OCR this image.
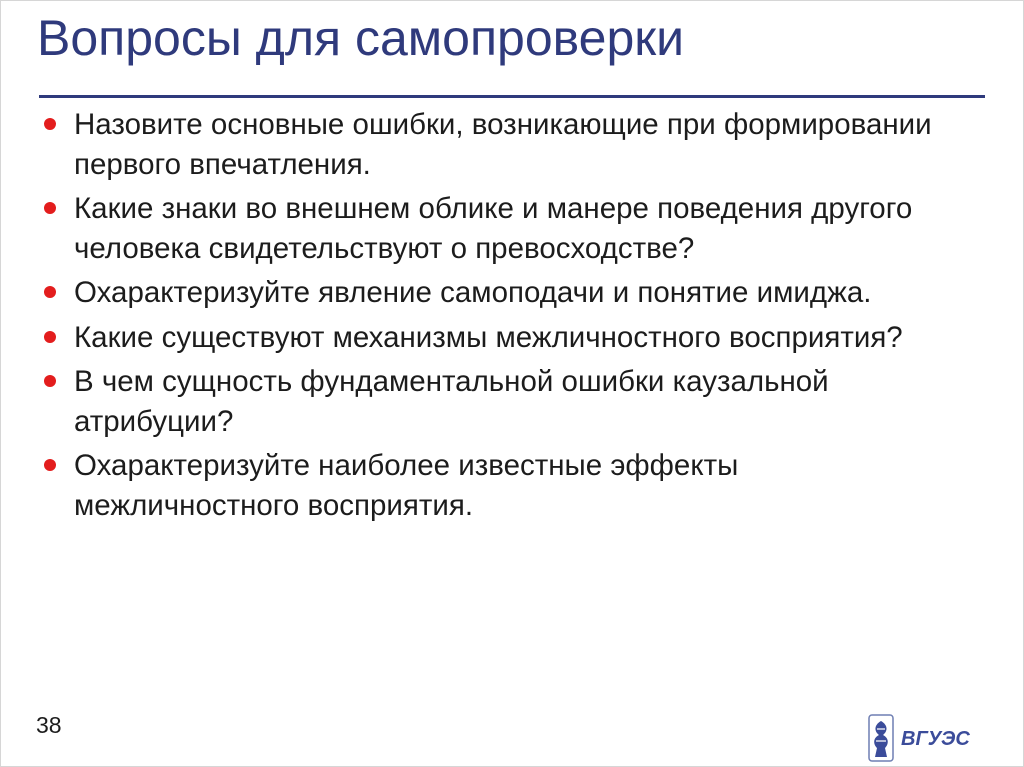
Вопросы для самопроверки
Назовите основные ошибки, возникающие при формировании первого впечатления.
Какие знаки во внешнем облике и манере поведения другого человека свидетельствуют о превосходстве?
Охарактеризуйте явление самоподачи и понятие имиджа.
Какие существуют механизмы межличностного восприятия?
В чем сущность фундаментальной ошибки каузальной атрибуции?
Охарактеризуйте наиболее известные эффекты межличностного восприятия.
38
ВГУЭС
